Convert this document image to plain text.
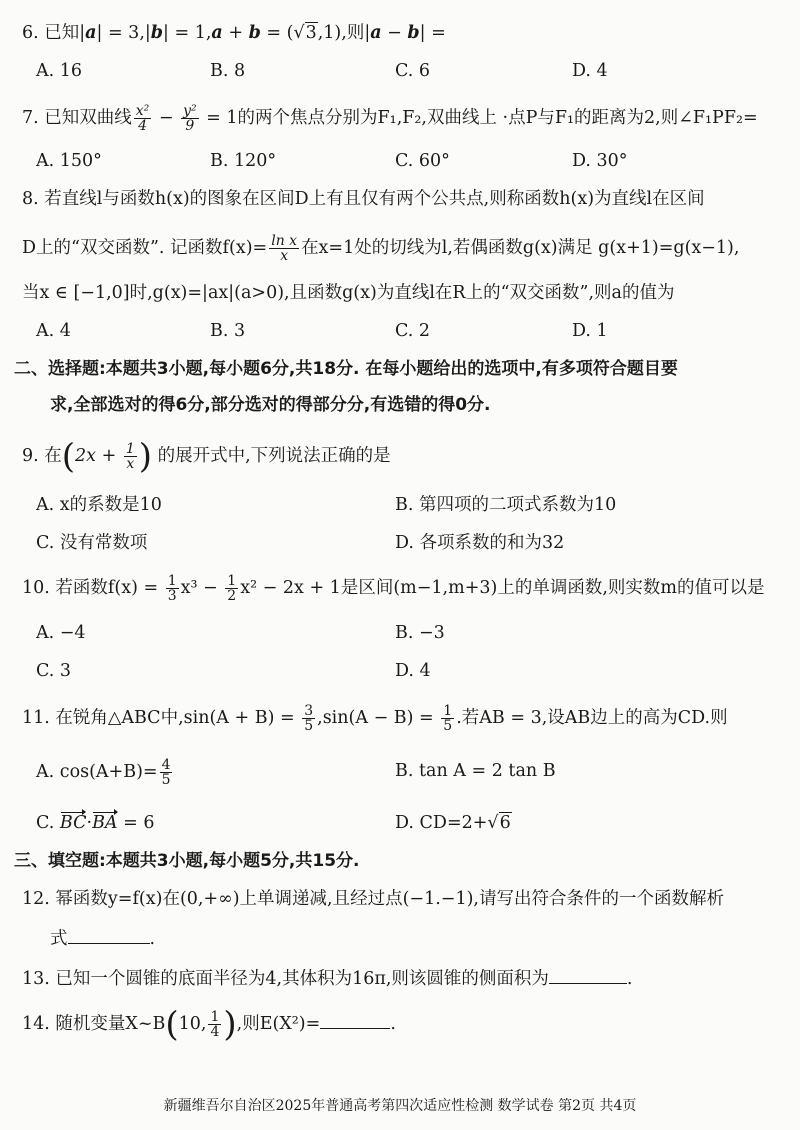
6. 已知|a| = 3,|b| = 1,a + b = (√3,1),则|a − b| =
A. 16	B. 8	C. 6	D. 4
7. 已知双曲线 $\frac{\text{x²}}{4} - \frac{\text{y²}}{9} = 1$的两个焦点分别为F₁,F₂,双曲线上 ·点P与F₁的距离为2,则∠F₁PF₂=
A. 150°	B. 120°	C. 60°	D. 30°
8. 若直线l与函数h(x)的图象在区间D上有且仅有两个公共点,则称函数h(x)为直线l在区间
D上的“双交函数”. 记函数$f(x)= \frac{\text{ln x}}{x}$ 在x=1处的切线为l,若偶函数g(x)满足 g(x+1)=g(x−1),
当x ∈ [−1,0]时,g(x)=|ax|(a>0),且函数g(x)为直线l在R上的“双交函数”,则a的值为
A. 4	B. 3	C. 2	D. 1
二、选择题:本题共3小题,每小题6分,共18分. 在每小题给出的选项中,有多项符合题目要
求,全部选对的得6分,部分选对的得部分分,有选错的得0分.
9. 在($2x + \frac{1}{x}$ ) 的展开式中,下列说法正确的是
A. x的系数是10	B. 第四项的二项式系数为10
C. 没有常数项	D. 各项系数的和为32
10. 若函数$f(x) = \frac{1}{3} x^3 - \frac{1}{2} x^2 - 2x + 1$是区间(m−1,m+3)上的单调函数,则实数m的值可以是
A. −4	B. −3
C. 3	D. 4
11. 在锐角△ABC中$,\sin(A + B) = \frac{3}{5} ,\sin(A - B) = \frac{1}{5}$ .若AB = 3,设AB边上的高为CD.则
A. $\cos(A+B)= \frac{4}{5}$	B. tan A = 2 tan B
C. BC·BA = 6	D. CD=2+√6
三、填空题:本题共3小题,每小题5分,共15分.
12. 幂函数y=f(x)在(0,+∞)上单调递减,且经过点(−1.−1),请写出符合条件的一个函数解析
式	.
13. 已知一个圆锥的底面半径为4,其体积为16π,则该圆锥的侧面积为	.
14. 随机变量X~B(10, $\frac{1}{4}$ ),则E(X²)=	.
新疆维吾尔自治区2025年普通高考第四次适应性检测 数学试卷 第2页 共4页
